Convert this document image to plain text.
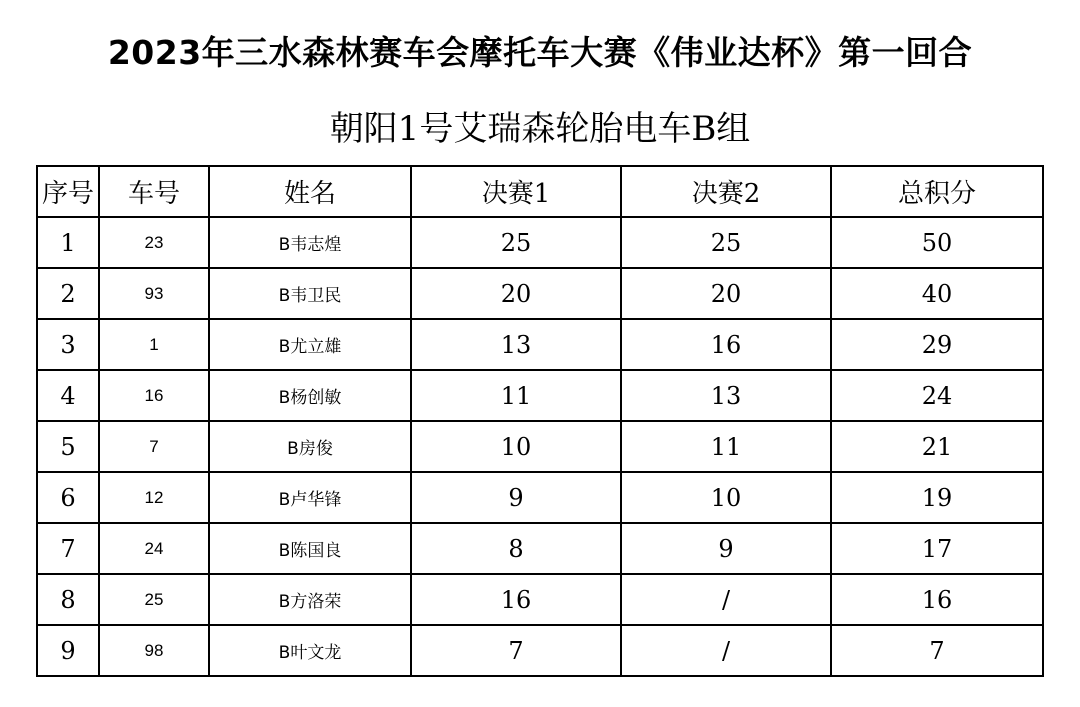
2023年三水森林赛车会摩托车大赛《伟业达杯》第一回合
朝阳1号艾瑞森轮胎电车B组
序号	车号	姓名	决赛1	决赛2	总积分
1	23	B韦志煌	25	25	50
2	93	B韦卫民	20	20	40
3	1	B尤立雄	13	16	29
4	16	B杨创敏	11	13	24
5	7	B房俊	10	11	21
6	12	B卢华锋	9	10	19
7	24	B陈国良	8	9	17
8	25	B方洛荣	16	/	16
9	98	B叶文龙	7	/	7
